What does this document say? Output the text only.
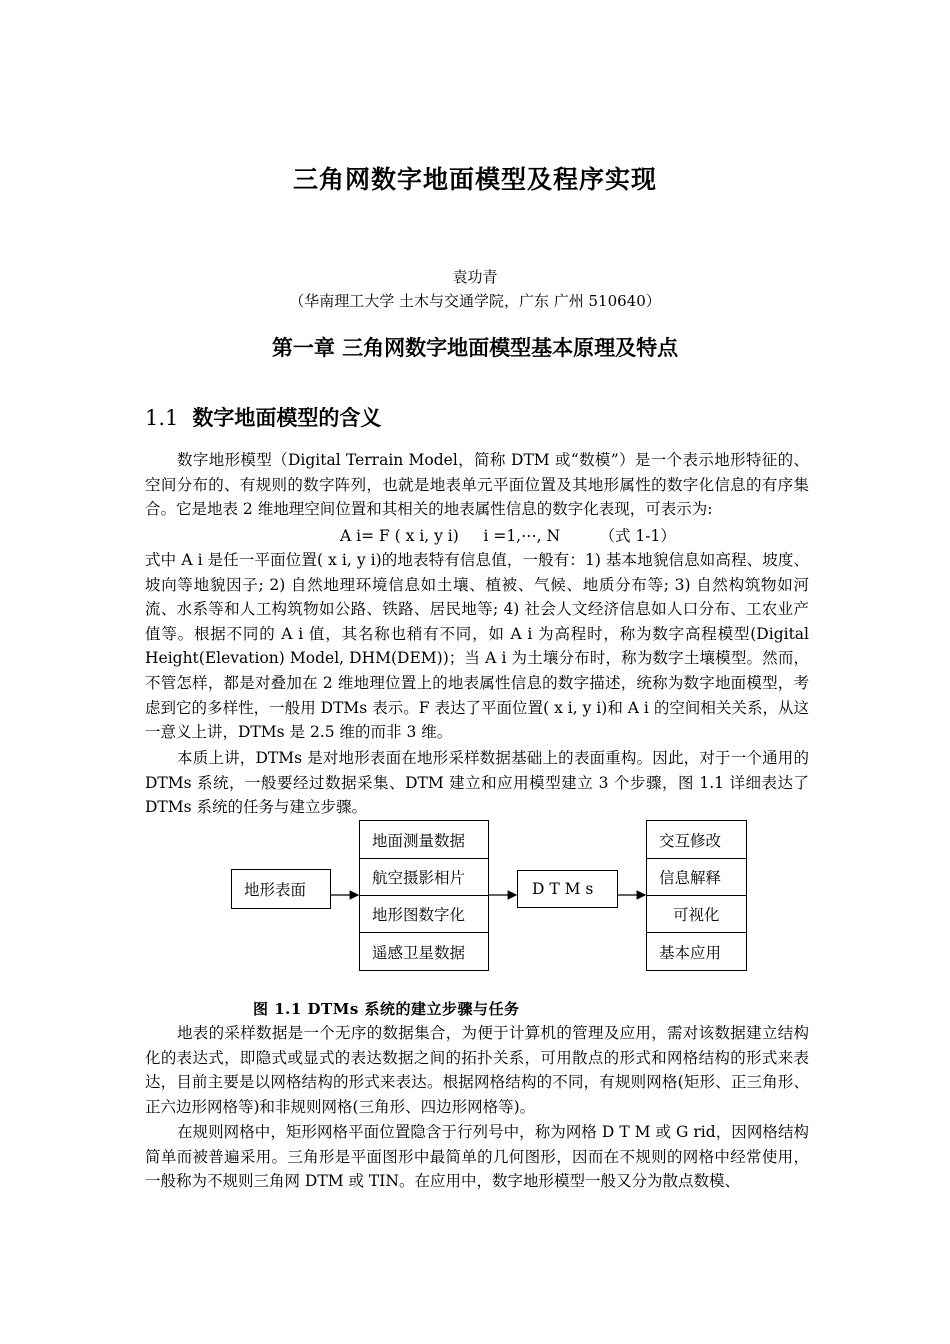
三角网数字地面模型及程序实现
袁功青
（华南理工大学 土木与交通学院，广东 广州 510640）
第一章 三角网数字地面模型基本原理及特点
1.1 数字地面模型的含义

数字地形模型（Digital Terrain Model，简称 DTM 或“数模”）是一个表示地形特征的、空间分布的、有规则的数字阵列，也就是地表单元平面位置及其地形属性的数字化信息的有序集合。它是地表 2 维地理空间位置和其相关的地表属性信息的数字化表现，可表示为:

A i= F ( x i, y i)     i =1,⋯, N        （式 1-1）

式中 A i 是任一平面位置( x i, y i)的地表特有信息值，一般有：1) 基本地貌信息如高程、坡度、坡向等地貌因子; 2) 自然地理环境信息如土壤、植被、气候、地质分布等; 3) 自然构筑物如河流、水系等和人工构筑物如公路、铁路、居民地等; 4) 社会人文经济信息如人口分布、工农业产值等。根据不同的 A i 值，其名称也稍有不同，如 A i 为高程时，称为数字高程模型(Digital Height(Elevation) Model, DHM(DEM))；当 A i 为土壤分布时，称为数字土壤模型。然而，不管怎样，都是对叠加在 2 维地理位置上的地表属性信息的数字描述，统称为数字地面模型，考虑到它的多样性，一般用 DTMs 表示。F 表达了平面位置( x i, y i)和 A i 的空间相关关系，从这一意义上讲，DTMs 是 2.5 维的而非 3 维。

本质上讲，DTMs 是对地形表面在地形采样数据基础上的表面重构。因此，对于一个通用的 DTMs 系统，一般要经过数据采集、DTM 建立和应用模型建立 3 个步骤，图 1.1 详细表达了 DTMs 系统的任务与建立步骤。

地形表面
地面测量数据
航空摄影相片
地形图数字化
遥感卫星数据
D T M s
交互修改
信息解释
可视化
基本应用
图 1.1 DTMs 系统的建立步骤与任务

地表的采样数据是一个无序的数据集合，为便于计算机的管理及应用，需对该数据建立结构化的表达式，即隐式或显式的表达数据之间的拓扑关系，可用散点的形式和网格结构的形式来表达，目前主要是以网格结构的形式来表达。根据网格结构的不同，有规则网格(矩形、正三角形、正六边形网格等)和非规则网格(三角形、四边形网格等)。

在规则网格中，矩形网格平面位置隐含于行列号中，称为网格 D T M 或 G rid，因网格结构简单而被普遍采用。三角形是平面图形中最简单的几何图形，因而在不规则的网格中经常使用，一般称为不规则三角网 DTM 或 TIN。在应用中，数字地形模型一般又分为散点数模、
